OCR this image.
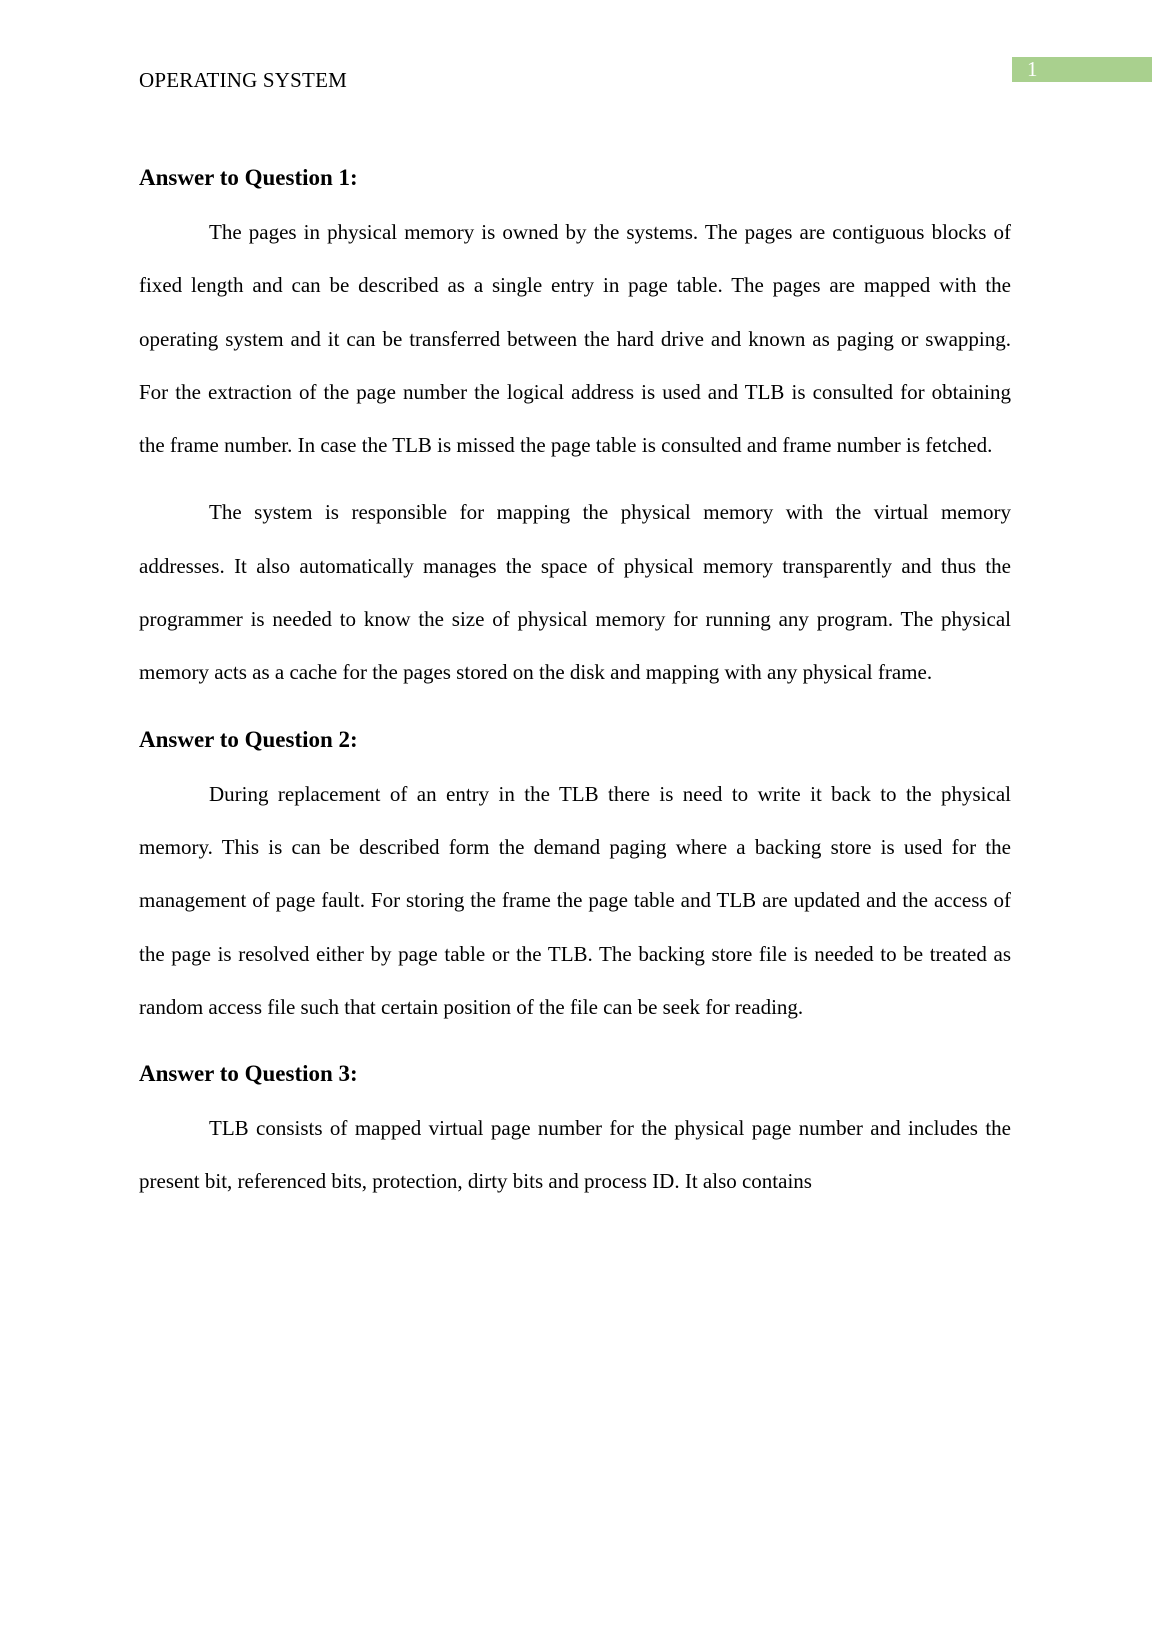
OPERATING SYSTEM	1
Answer to Question 1:

The pages in physical memory is owned by the systems. The pages are contiguous blocks of fixed length and can be described as a single entry in page table. The pages are mapped with the operating system and it can be transferred between the hard drive and known as paging or swapping. For the extraction of the page number the logical address is used and TLB is consulted for obtaining the frame number. In case the TLB is missed the page table is consulted and frame number is fetched.

The system is responsible for mapping the physical memory with the virtual memory addresses. It also automatically manages the space of physical memory transparently and thus the programmer is needed to know the size of physical memory for running any program. The physical memory acts as a cache for the pages stored on the disk and mapping with any physical frame.

Answer to Question 2:

During replacement of an entry in the TLB there is need to write it back to the physical memory. This is can be described form the demand paging where a backing store is used for the management of page fault. For storing the frame the page table and TLB are updated and the access of the page is resolved either by page table or the TLB. The backing store file is needed to be treated as random access file such that certain position of the file can be seek for reading.

Answer to Question 3:

TLB consists of mapped virtual page number for the physical page number and includes the present bit, referenced bits, protection, dirty bits and process ID. It also contains
